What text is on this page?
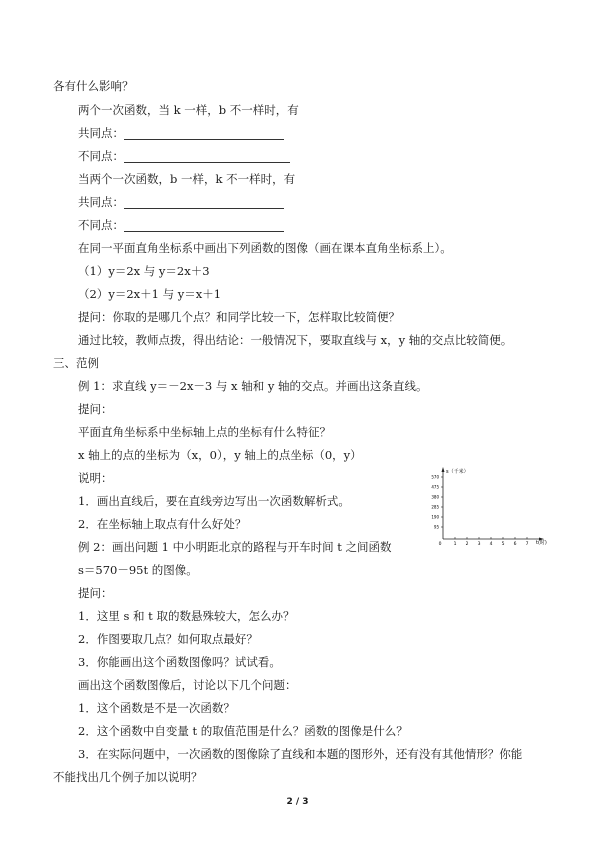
各有什么影响？
两个一次函数，当 k 一样，b 不一样时，有
共同点：
不同点：
当两个一次函数，b 一样，k 不一样时，有
共同点：
不同点：
在同一平面直角坐标系中画出下列函数的图像（画在课本直角坐标系上）。
（1）y＝2x 与 y＝2x＋3
（2）y＝2x＋1 与 y＝x＋1
提问：你取的是哪几个点？和同学比较一下，怎样取比较简便？
通过比较，教师点拨，得出结论：一般情况下，要取直线与 x，y 轴的交点比较简便。
三、范例
例 1：求直线 y＝－2x－3 与 x 轴和 y 轴的交点。并画出这条直线。
提问：
平面直角坐标系中坐标轴上点的坐标有什么特征？
x 轴上的点的坐标为（x，0），y 轴上的点坐标（0，y）
说明：
1．画出直线后，要在直线旁边写出一次函数解析式。
2．在坐标轴上取点有什么好处？
例 2：画出问题 1 中小明距北京的路程与开车时间 t 之间函数
s＝570－95t 的图像。
提问：
1．这里 s 和 t 取的数悬殊较大，怎么办？
2．作图要取几点？如何取点最好？
3．你能画出这个函数图像吗？试试看。
画出这个函数图像后，讨论以下几个问题：
1．这个函数是不是一次函数？
2．这个函数中自变量 t 的取值范围是什么？函数的图像是什么？
3．在实际问题中，一次函数的图像除了直线和本题的图形外，还有没有其他情形？你能
不能找出几个例子加以说明？
s（千米）
t(时)
570
475
380
285
190
95
0	1 2 3 4 5 6 7
2 / 3
